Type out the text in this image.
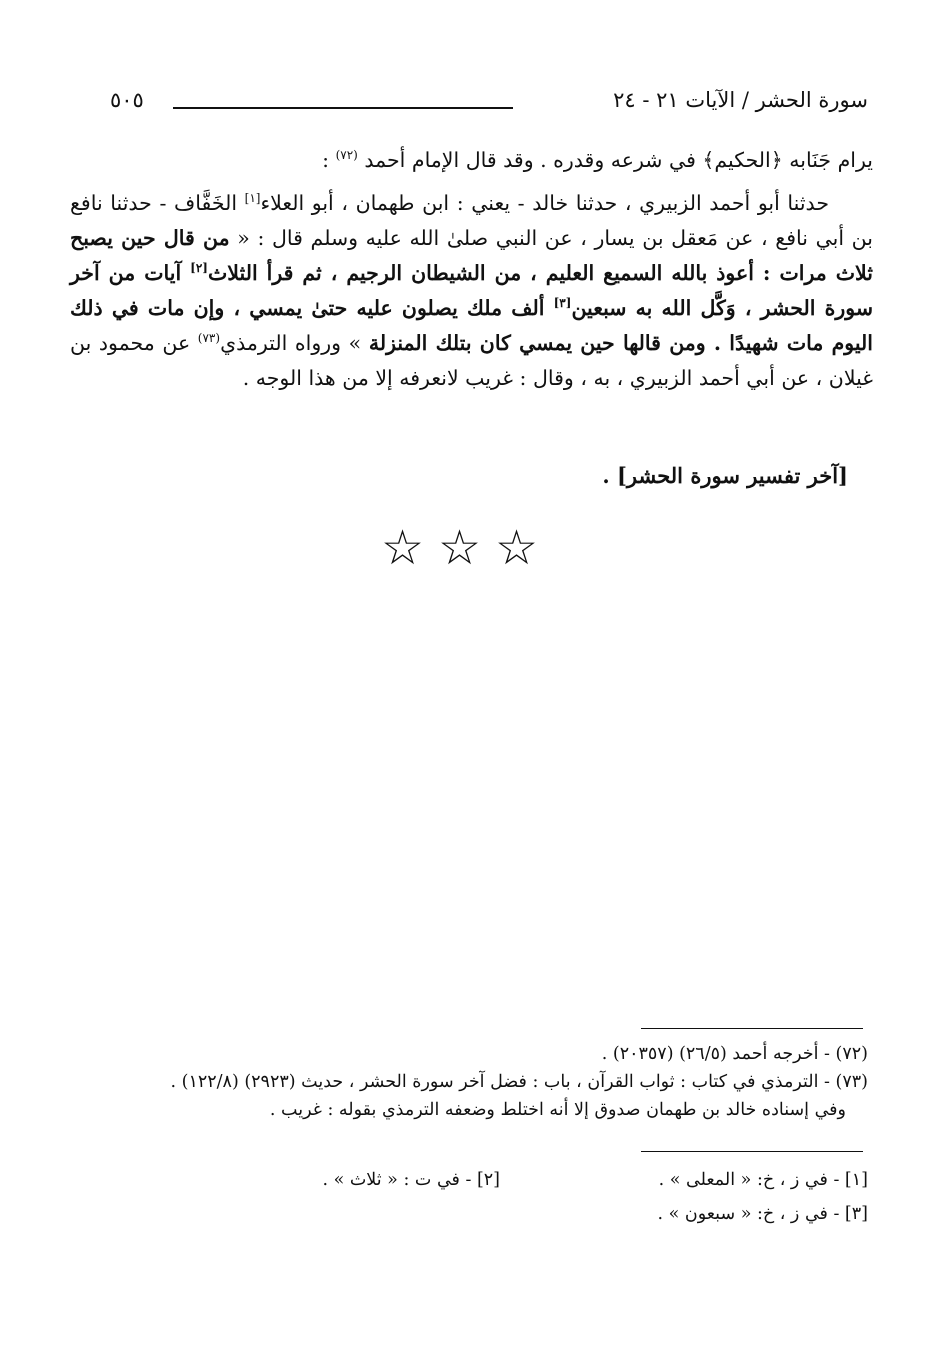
سورة الحشر / الآيات ٢١ - ٢٤
٥٠٥

يرام جَنَابه ﴿الحكيم﴾ في شرعه وقدره . وقد قال الإمام أحمد $^{(٧٢)}$ :

حدثنا أبو أحمد الزبيري ، حدثنا خالد - يعني : ابن طهمان ، أبو العلاء[١] الخَفَّاف - حدثنا نافع بن أبي نافع ، عن مَعقل بن يسار ، عن النبي صلىٰ الله عليه وسلم قال : « من قال حين يصبح ثلاث مرات : أعوذ بالله السميع العليم ، من الشيطان الرجيم ، ثم قرأ الثلاث[٢] آيات من آخر سورة الحشر ، وَكَّل الله به سبعين[٣] ألف ملك يصلون عليه حتىٰ يمسي ، وإن مات في ذلك اليوم مات شهيدًا . ومن قالها حين يمسي كان بتلك المنزلة » ورواه الترمذي$^{(٧٣)}$ عن محمود بن غيلان ، عن أبي أحمد الزبيري ، به ، وقال : غريب لانعرفه إلا من هذا الوجه .

[آخر تفسير سورة الحشر] .
☆☆☆
(٧٢) - أخرجه أحمد (٢٦/٥) (٢٠٣٥٧) .
(٧٣) - الترمذي في كتاب : ثواب القرآن ، باب : فضل آخر سورة الحشر ، حديث (٢٩٢٣) (١٢٢/٨) .
وفي إسناده خالد بن طهمان صدوق إلا أنه اختلط وضعفه الترمذي بقوله : غريب .
[١] - في ز ، خ: « المعلى » .
[٢] - في ت : « ثلاث » .
[٣] - في ز ، خ: « سبعون » .
